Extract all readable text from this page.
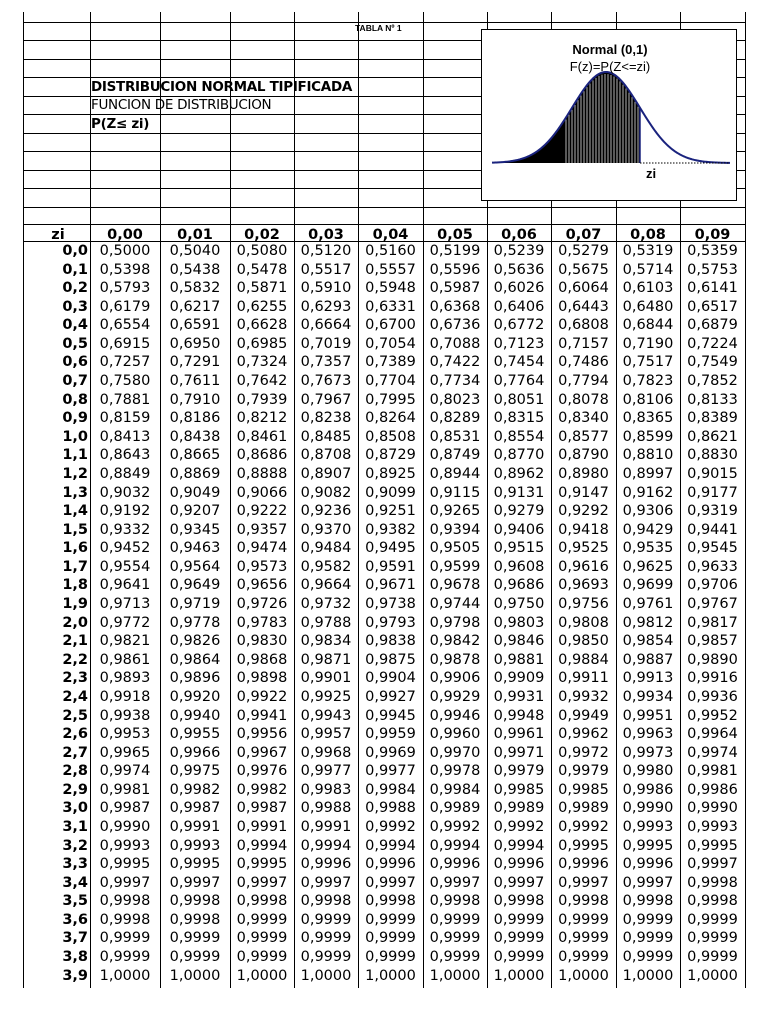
TABLA Nº 1
DISTRIBUCION NORMAL TIPIFICADA
FUNCION DE DISTRIBUCION
P(Z≤ zi)
zi	0,00	0,01	0,02	0,03	0,04	0,05	0,06	0,07	0,08	0,09
0,0 0,5000	0,5040	0,5080 0,5120 0,5160 0,5199 0,5239 0,5279 0,5319 0,5359
0,1 0,5398	0,5438	0,5478 0,5517 0,5557 0,5596 0,5636 0,5675 0,5714 0,5753
0,2 0,5793	0,5832	0,5871 0,5910 0,5948 0,5987 0,6026 0,6064 0,6103 0,6141
0,3 0,6179	0,6217	0,6255 0,6293 0,6331 0,6368 0,6406 0,6443 0,6480 0,6517
0,4 0,6554	0,6591	0,6628 0,6664 0,6700 0,6736 0,6772 0,6808 0,6844 0,6879
0,5 0,6915	0,6950	0,6985 0,7019 0,7054 0,7088 0,7123 0,7157 0,7190 0,7224
0,6 0,7257	0,7291	0,7324 0,7357 0,7389 0,7422 0,7454 0,7486 0,7517 0,7549
0,7 0,7580	0,7611	0,7642 0,7673 0,7704 0,7734 0,7764 0,7794 0,7823 0,7852
0,8 0,7881	0,7910	0,7939 0,7967 0,7995 0,8023 0,8051 0,8078 0,8106 0,8133
0,9 0,8159	0,8186	0,8212 0,8238 0,8264 0,8289 0,8315 0,8340 0,8365 0,8389
1,0 0,8413	0,8438	0,8461 0,8485 0,8508 0,8531 0,8554 0,8577 0,8599 0,8621
1,1 0,8643	0,8665	0,8686 0,8708 0,8729 0,8749 0,8770 0,8790 0,8810 0,8830
1,2 0,8849	0,8869	0,8888 0,8907 0,8925 0,8944 0,8962 0,8980 0,8997 0,9015
1,3 0,9032	0,9049	0,9066 0,9082 0,9099 0,9115 0,9131 0,9147 0,9162 0,9177
1,4 0,9192	0,9207	0,9222 0,9236 0,9251 0,9265 0,9279 0,9292 0,9306 0,9319
1,5 0,9332	0,9345	0,9357 0,9370 0,9382 0,9394 0,9406 0,9418 0,9429 0,9441
1,6 0,9452	0,9463	0,9474 0,9484 0,9495 0,9505 0,9515 0,9525 0,9535 0,9545
1,7 0,9554	0,9564	0,9573 0,9582 0,9591 0,9599 0,9608 0,9616 0,9625 0,9633
1,8 0,9641	0,9649	0,9656 0,9664 0,9671 0,9678 0,9686 0,9693 0,9699 0,9706
1,9 0,9713	0,9719	0,9726 0,9732 0,9738 0,9744 0,9750 0,9756 0,9761 0,9767
2,0 0,9772	0,9778	0,9783 0,9788 0,9793 0,9798 0,9803 0,9808 0,9812 0,9817
2,1 0,9821	0,9826	0,9830 0,9834 0,9838 0,9842 0,9846 0,9850 0,9854 0,9857
2,2 0,9861	0,9864	0,9868 0,9871 0,9875 0,9878 0,9881 0,9884 0,9887 0,9890
2,3 0,9893	0,9896	0,9898 0,9901 0,9904 0,9906 0,9909 0,9911 0,9913 0,9916
2,4 0,9918	0,9920	0,9922 0,9925 0,9927 0,9929 0,9931 0,9932 0,9934 0,9936
2,5 0,9938	0,9940	0,9941 0,9943 0,9945 0,9946 0,9948 0,9949 0,9951 0,9952
2,6 0,9953	0,9955	0,9956 0,9957 0,9959 0,9960 0,9961 0,9962 0,9963 0,9964
2,7 0,9965	0,9966	0,9967 0,9968 0,9969 0,9970 0,9971 0,9972 0,9973 0,9974
2,8 0,9974	0,9975	0,9976 0,9977 0,9977 0,9978 0,9979 0,9979 0,9980 0,9981
2,9 0,9981	0,9982	0,9982 0,9983 0,9984 0,9984 0,9985 0,9985 0,9986 0,9986
3,0 0,9987	0,9987	0,9987 0,9988 0,9988 0,9989 0,9989 0,9989 0,9990 0,9990
3,1 0,9990	0,9991	0,9991 0,9991 0,9992 0,9992 0,9992 0,9992 0,9993 0,9993
3,2 0,9993	0,9993	0,9994 0,9994 0,9994 0,9994 0,9994 0,9995 0,9995 0,9995
3,3 0,9995	0,9995	0,9995 0,9996 0,9996 0,9996 0,9996 0,9996 0,9996 0,9997
3,4 0,9997	0,9997	0,9997 0,9997 0,9997 0,9997 0,9997 0,9997 0,9997 0,9998
3,5 0,9998	0,9998	0,9998 0,9998 0,9998 0,9998 0,9998 0,9998 0,9998 0,9998
3,6 0,9998	0,9998	0,9999 0,9999 0,9999 0,9999 0,9999 0,9999 0,9999 0,9999
3,7 0,9999	0,9999	0,9999 0,9999 0,9999 0,9999 0,9999 0,9999 0,9999 0,9999
3,8 0,9999	0,9999	0,9999 0,9999 0,9999 0,9999 0,9999 0,9999 0,9999 0,9999
3,9 1,0000	1,0000	1,0000 1,0000 1,0000 1,0000 1,0000 1,0000 1,0000 1,0000
Normal (0,1)
F(z)=P(Z<=zi)
zi
